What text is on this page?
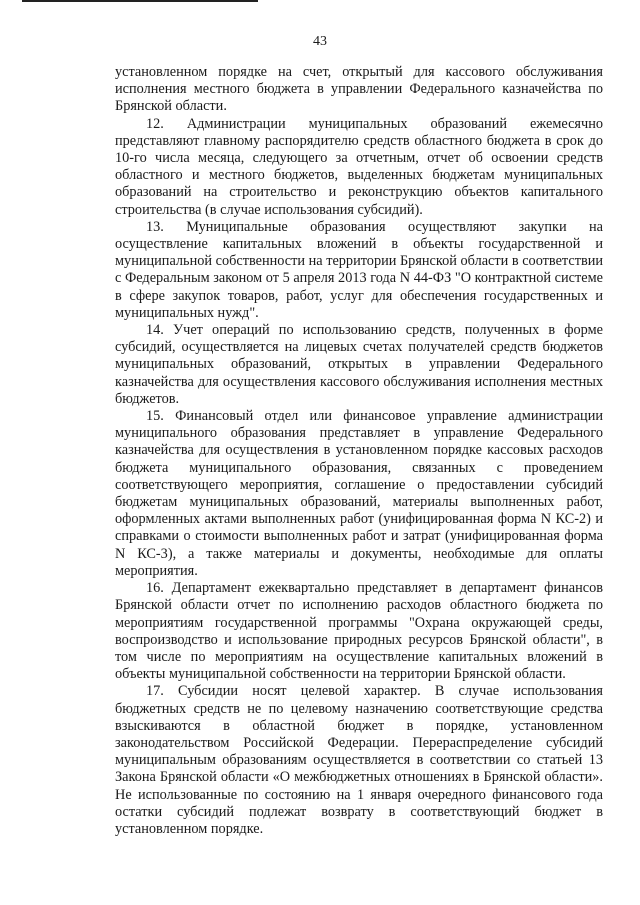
43

установленном порядке на счет, открытый для кассового обслуживания исполнения местного бюджета в управлении Федерального казначейства по Брянской области.

12. Администрации муниципальных образований ежемесячно представляют главному распорядителю средств областного бюджета в срок до 10-го числа месяца, следующего за отчетным, отчет об освоении средств областного и местного бюджетов, выделенных бюджетам муниципальных образований на строительство и реконструкцию объектов капитального строительства (в случае использования субсидий).

13. Муниципальные образования осуществляют закупки на осуществление капитальных вложений в объекты государственной и муниципальной собственности на территории Брянской области в соответствии с Федеральным законом от 5 апреля 2013 года N 44-ФЗ "О контрактной системе в сфере закупок товаров, работ, услуг для обеспечения государственных и муниципальных нужд".

14. Учет операций по использованию средств, полученных в форме субсидий, осуществляется на лицевых счетах получателей средств бюджетов муниципальных образований, открытых в управлении Федерального казначейства для осуществления кассового обслуживания исполнения местных бюджетов.

15. Финансовый отдел или финансовое управление администрации муниципального образования представляет в управление Федерального казначейства для осуществления в установленном порядке кассовых расходов бюджета муниципального образования, связанных с проведением соответствующего мероприятия, соглашение о предоставлении субсидий бюджетам муниципальных образований, материалы выполненных работ, оформленных актами выполненных работ (унифицированная форма N КС-2) и справками о стоимости выполненных работ и затрат (унифицированная форма N КС-3), а также материалы и документы, необходимые для оплаты мероприятия.

16. Департамент ежеквартально представляет в департамент финансов Брянской области отчет по исполнению расходов областного бюджета по мероприятиям государственной программы "Охрана окружающей среды, воспроизводство и использование природных ресурсов Брянской области", в том числе по мероприятиям на осуществление капитальных вложений в объекты муниципальной собственности на территории Брянской области.

17. Субсидии носят целевой характер. В случае использования бюджетных средств не по целевому назначению соответствующие средства взыскиваются в областной бюджет в порядке, установленном законодательством Российской Федерации. Перераспределение субсидий муниципальным образованиям осуществляется в соответствии со статьей 13 Закона Брянской области «О межбюджетных отношениях в Брянской области». Не использованные по состоянию на 1 января очередного финансового года остатки субсидий подлежат возврату в соответствующий бюджет в установленном порядке.
